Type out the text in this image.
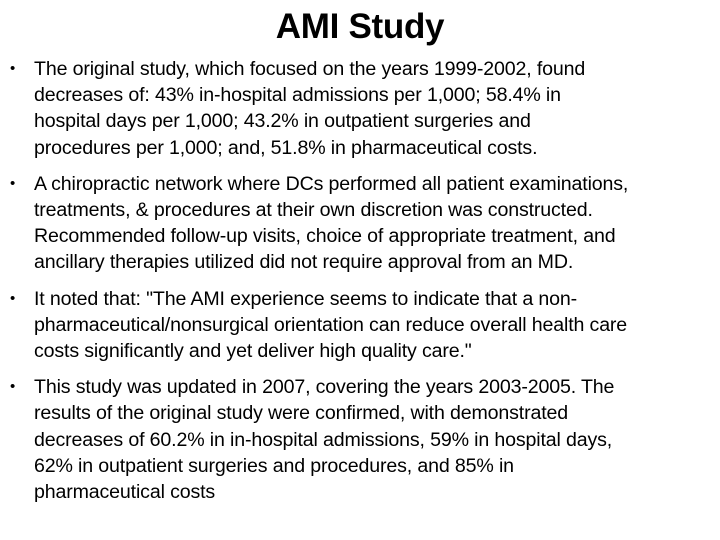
AMI Study
• The original study, which focused on the years 1999-2002, found
decreases of: 43% in-hospital admissions per 1,000; 58.4% in
hospital days per 1,000; 43.2% in outpatient surgeries and
procedures per 1,000; and, 51.8% in pharmaceutical costs.
• A chiropractic network where DCs performed all patient examinations,
treatments, & procedures at their own discretion was constructed.
Recommended follow-up visits, choice of appropriate treatment, and
ancillary therapies utilized did not require approval from an MD.
• It noted that: "The AMI experience seems to indicate that a non-
pharmaceutical/nonsurgical orientation can reduce overall health care
costs significantly and yet deliver high quality care."
• This study was updated in 2007, covering the years 2003-2005. The
results of the original study were confirmed, with demonstrated
decreases of 60.2% in in-hospital admissions, 59% in hospital days,
62% in outpatient surgeries and procedures, and 85% in
pharmaceutical costs
